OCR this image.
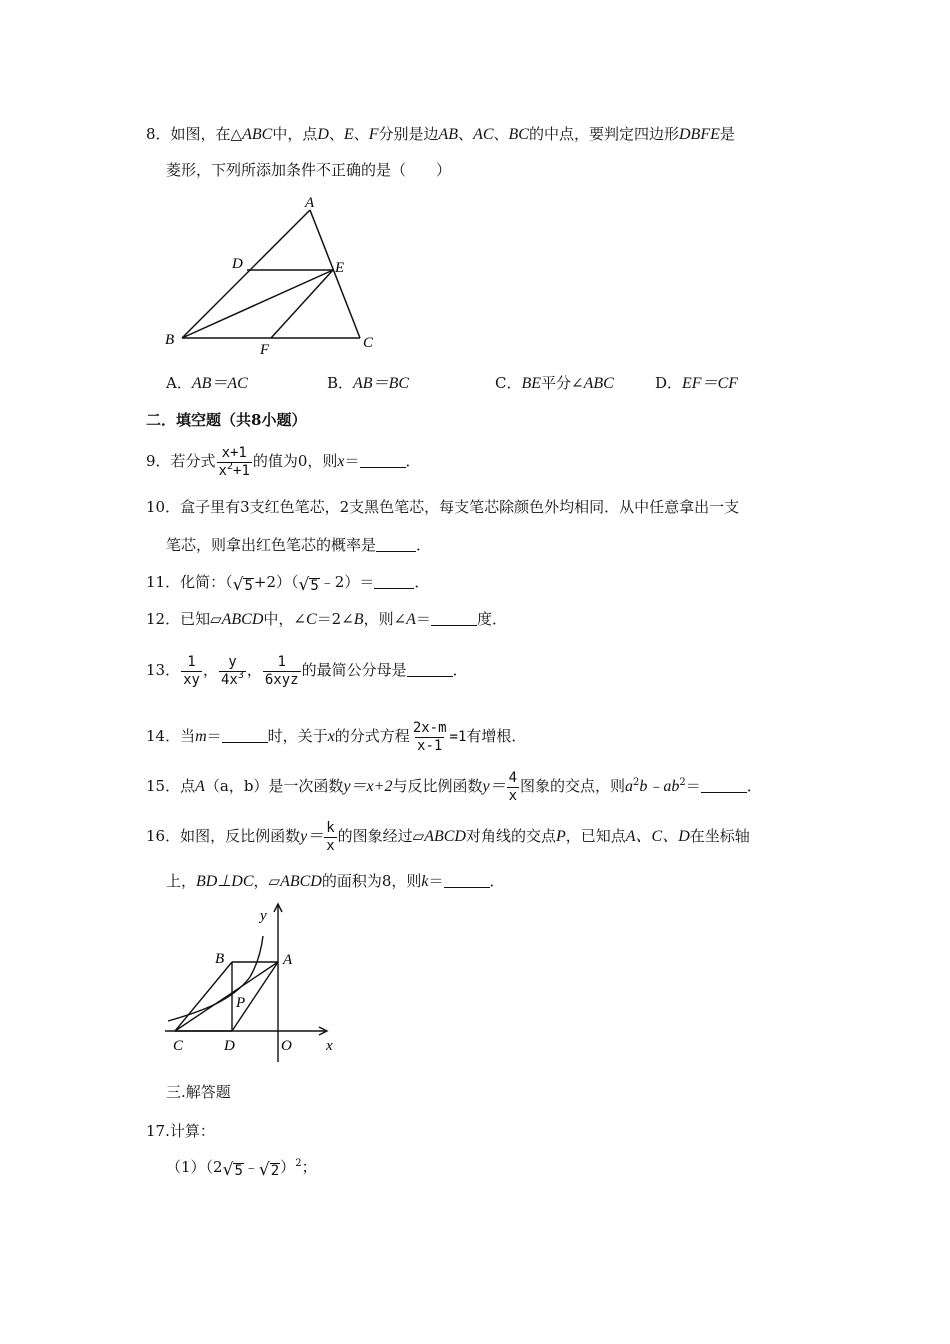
8．如图，在△ABC中，点D、E、F分别是边AB、AC、BC的中点，要判定四边形DBFE是
菱形，下列所添加条件不正确的是（　　）
A
D	E
B
F	C
A．AB＝AC	B．AB＝BC	C．BE平分∠ABC	D．EF＝CF
二．填空题（共8小题）
9．若分式 $\frac{x+1}{x^2+1}$ 的值为0，则x＝	．
10．盒子里有3支红色笔芯，2支黑色笔芯，每支笔芯除颜色外均相同．从中任意拿出一支
笔芯，则拿出红色笔芯的概率是	．
11．化简：（ √ 5 +2）（ √ 5 ﹣2）＝	．
12．已知▱ABCD中，∠C＝2∠B，则∠A＝	度．
13． $\frac{1}{xy}$ ， $\frac{y}{4x^3}$ ， $\frac{1}{\text{6xyz}}$ 的最简公分母是	．
14．当m＝	时，关于x的分式方程 $\frac{2x-m}{x-1} =1$有增根．
15．点A（a，b）是一次函数y＝x+2与反比例函数$y= \frac{4}{x}$ 图象的交点，则$a^2b﹣ab^2=$	．
16．如图，反比例函数$y= \frac{k}{x}$ 的图象经过▱ABCD对角线的交点P，已知点A、C、D在坐标轴
上，BD⊥DC，▱ABCD的面积为8，则k＝	．
y
x
B	A
P
C	D	O
三.解答题
17.计算：
（1）（2 √ 5 ﹣ √ 2 ）$^2$；
